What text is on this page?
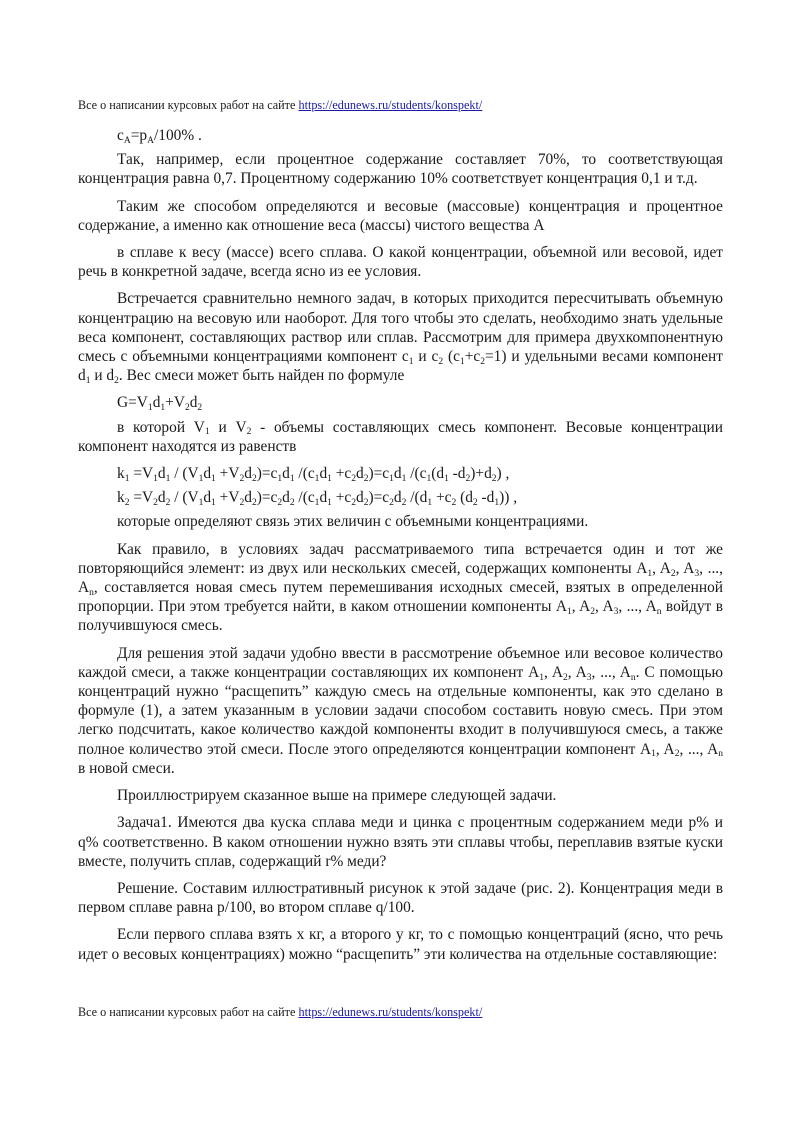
Все о написании курсовых работ на сайте https://edunews.ru/students/konspekt/

$c_A=p_A/100\%$ .

Так, например, если процентное содержание составляет 70%, то соответствующая концентрация равна 0,7. Процентному содержанию 10% соответствует концентрация 0,1 и т.д.

Таким же способом определяются и весовые (массовые) концентрация и процентное содержание, а именно как отношение веса (массы) чистого вещества А

в сплаве к весу (массе) всего сплава. О какой концентрации, объемной или весовой, идет речь в конкретной задаче, всегда ясно из ее условия.

Встречается сравнительно немного задач, в которых приходится пересчитывать объемную концентрацию на весовую или наоборот. Для того чтобы это сделать, необходимо знать удельные веса компонент, составляющих раствор или сплав. Рассмотрим для примера двухкомпонентную смесь с объемными концентрациями компонент $c_1$ и $c_2$ $(c_1+c_2=1)$ и удельными весами компонент $d_1$ и $d_2$. Вес смеси может быть найден по формуле

$G=V_1d_1+V_2d_2$

в которой $V_1$ и $V_2$ - объемы составляющих смесь компонент. Весовые концентрации компонент находятся из равенств

$k_1 =V_1d_1 / (V_1d_1 +V_2d_2)=c_1d_1$ $/(c_1d_1 +c_2d_2)=c_1d_1$ $/(c_1(d_1$ $-d_2)+d_2$) ,

$k_2 =V_2d_2 / (V_1d_1 +V_2d_2)=c_2d_2$ $/(c_1d_1 +c_2d_2)=c_2d_2$ $/(d_1 +c_2$ ($d_2$ $-d_1$)) ,

которые определяют связь этих величин с объемными концентрациями.

Как правило, в условиях задач рассматриваемого типа встречается один и тот же повторяющийся элемент: из двух или нескольких смесей, содержащих компоненты $A_1$, $A_2$, $A_3$, ..., $A_n$, составляется новая смесь путем перемешивания исходных смесей, взятых в определенной пропорции. При этом требуется найти, в каком отношении компоненты $A_1$, $A_2$, $A_3$, ..., $A_n$ войдут в получившуюся смесь.

Для решения этой задачи удобно ввести в рассмотрение объемное или весовое количество каждой смеси, а также концентрации составляющих их компонент $A_1$, $A_2$, $A_3$, ..., $A_n$. С помощью концентраций нужно “расщепить” каждую смесь на отдельные компоненты, как это сделано в формуле (1), а затем указанным в условии задачи способом составить новую смесь. При этом легко подсчитать, какое количество каждой компоненты входит в получившуюся смесь, а также полное количество этой смеси. После этого определяются концентрации компонент $A_1$, $A_2$, ..., $A_n$ в новой смеси.

Проиллюстрируем сказанное выше на примере следующей задачи.

Задача1. Имеются два куска сплава меди и цинка с процентным содержанием меди p% и q% соответственно. В каком отношении нужно взять эти сплавы чтобы, переплавив взятые куски вместе, получить сплав, содержащий r% меди?

Решение. Составим иллюстративный рисунок к этой задаче (рис. 2). Концентрация меди в первом сплаве равна p/100, во втором сплаве q/100.

Если первого сплава взять x кг, а второго y кг, то с помощью концентраций (ясно, что речь идет о весовых концентрациях) можно “расщепить” эти количества на отдельные составляющие:

Все о написании курсовых работ на сайте https://edunews.ru/students/konspekt/
